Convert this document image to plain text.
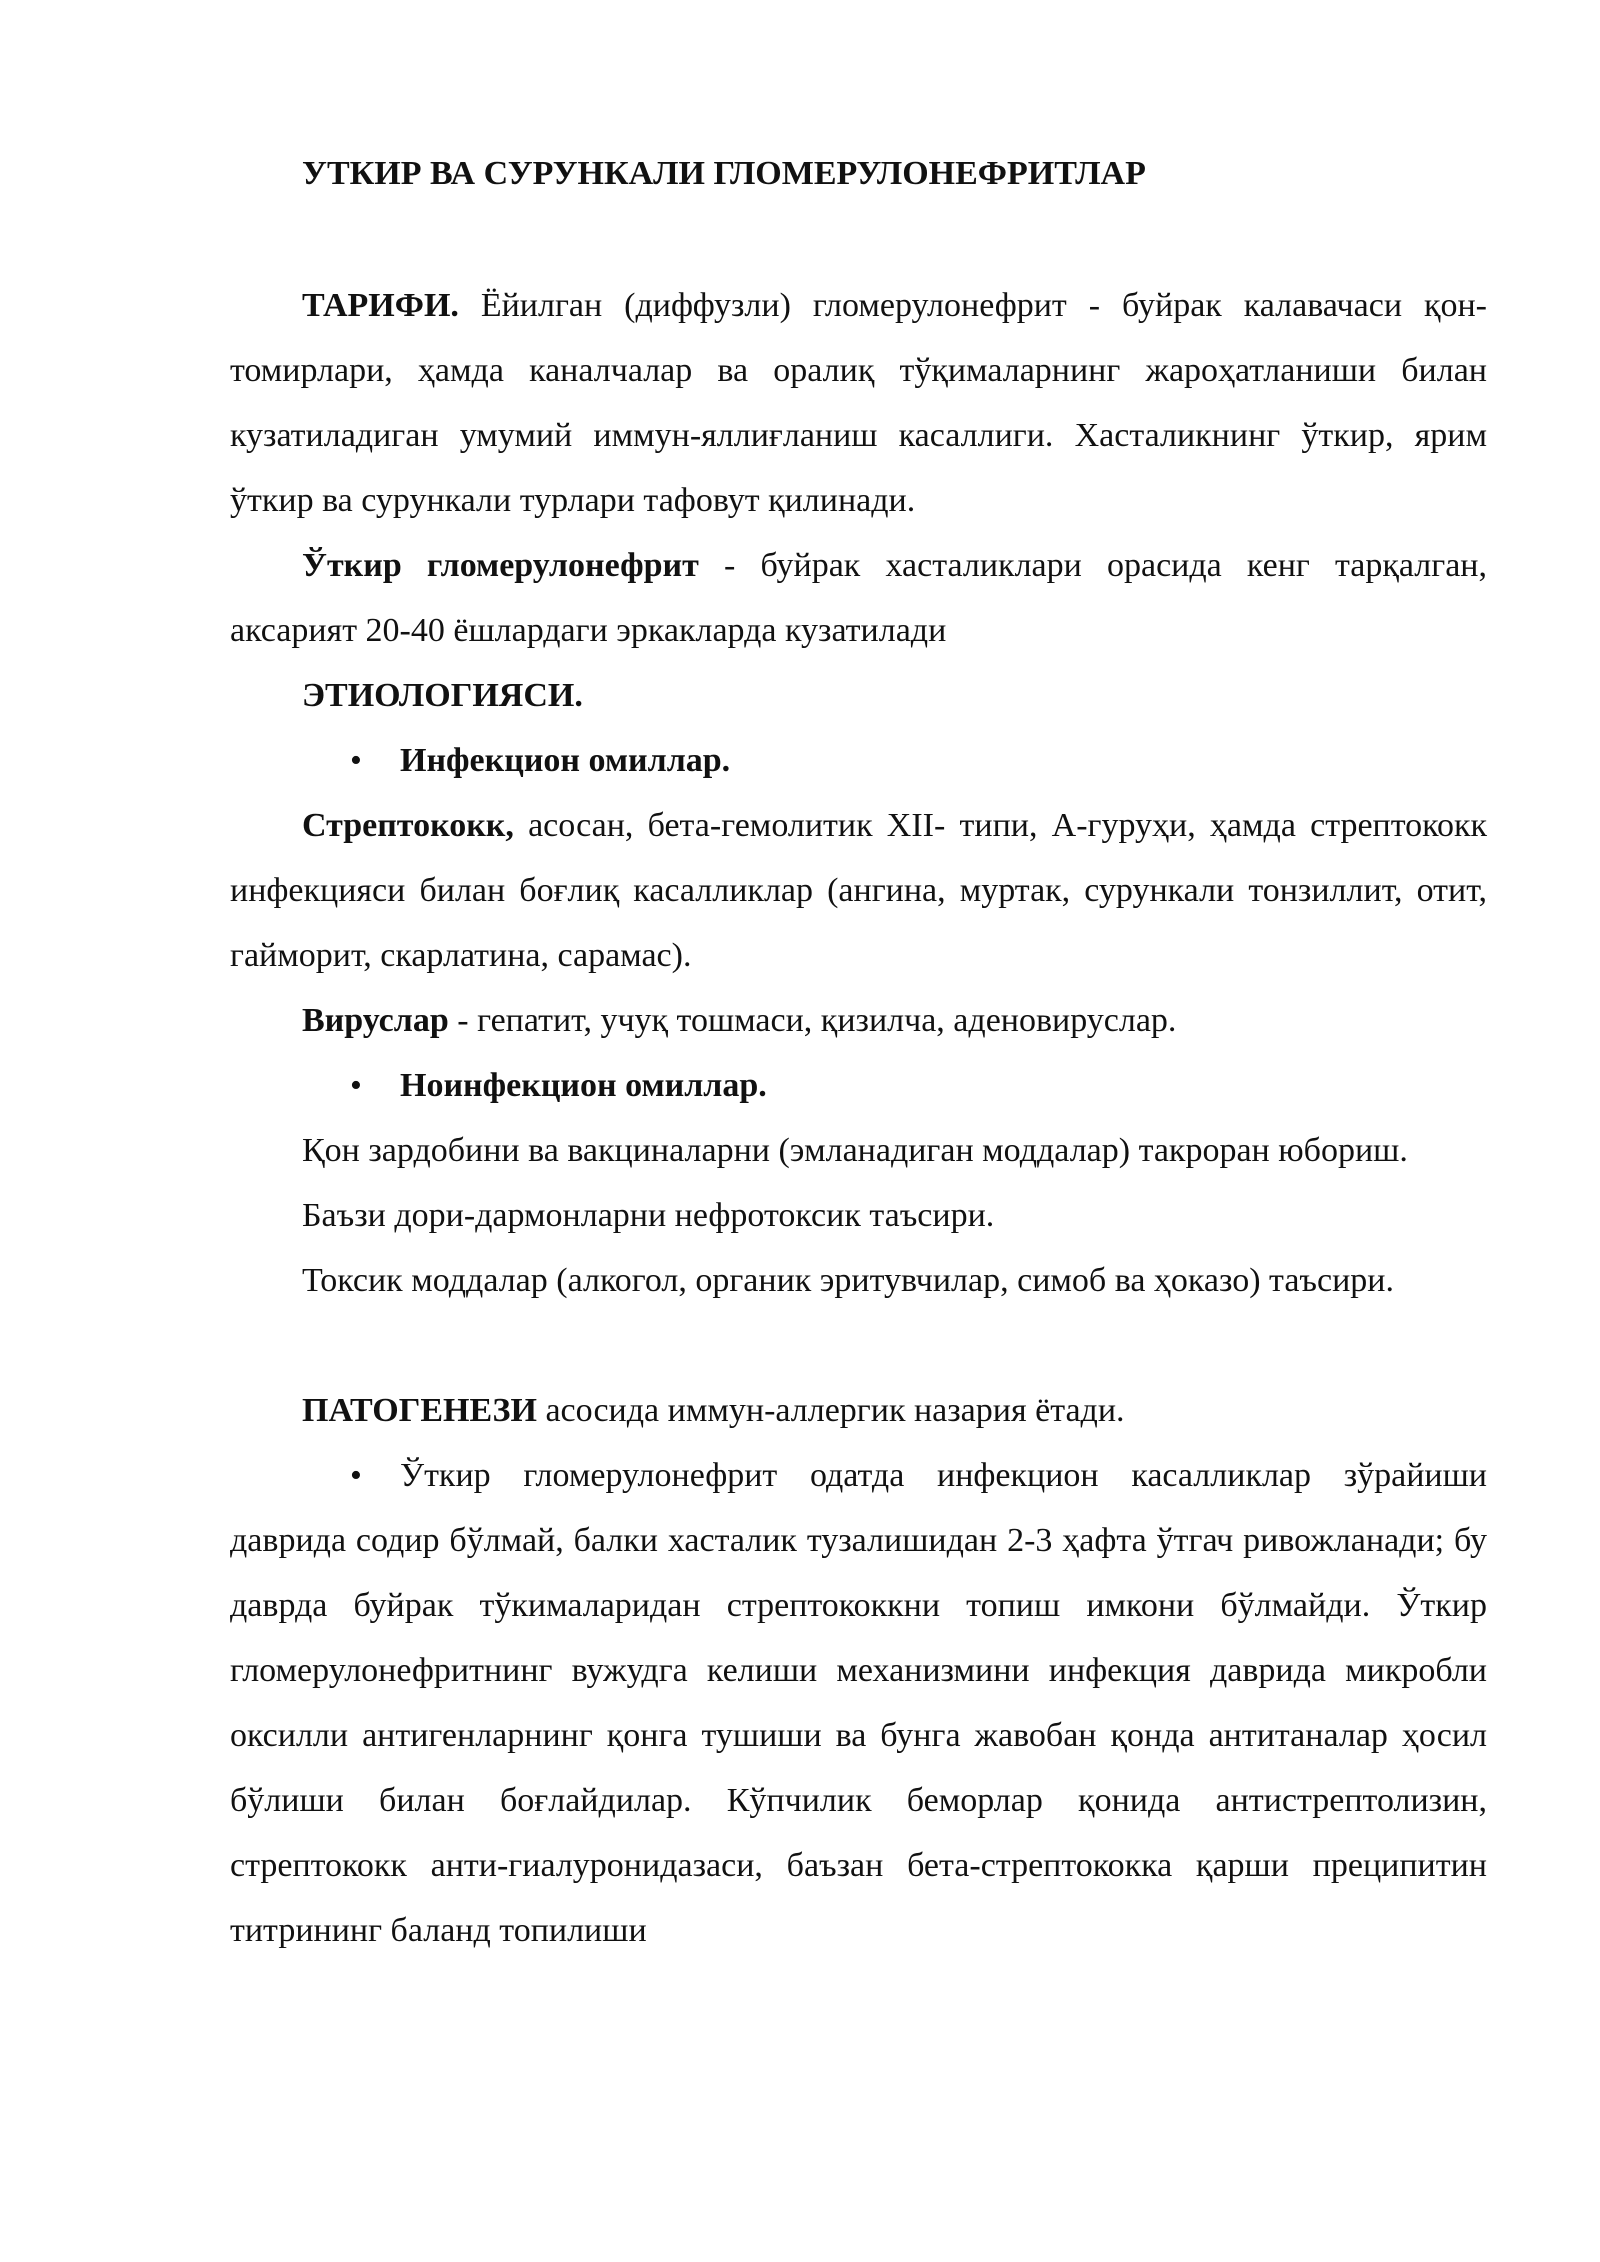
УТКИР ВА СУРУНКАЛИ ГЛОМЕРУЛОНЕФРИТЛАР

ТАРИФИ. Ёйилган (диффузли) гломерулонефрит - буйрак калавачаси қон-томирлари, ҳамда каналчалар ва оралиқ тўқималарнинг жароҳатланиши билан кузатиладиган умумий иммун-яллиғланиш касаллиги. Хасталикнинг ўткир, ярим ўткир ва сурункали турлари тафовут қилинади.

Ўткир гломерулонефрит - буйрак хасталиклари орасида кенг тарқалган, аксарият 20-40 ёшлардаги эркакларда кузатилади

ЭТИОЛОГИЯСИ.
• Инфекцион омиллар.

Стрептококк, асосан, бета-гемолитик XII- типи, А-гуруҳи, ҳамда стрептококк инфекцияси билан боғлиқ касалликлар (ангина, муртак, сурункали тонзиллит, отит, гайморит, скарлатина, сарамас).

Вируслар - гепатит, учуқ тошмаси, қизилча, аденовируслар.

• Ноинфекцион омиллар.

Қон зардобини ва вакциналарни (эмланадиган моддалар) такроран юбориш.

Баъзи дори-дармонларни нефротоксик таъсири.

Токсик моддалар (алкогол, органик эритувчилар, симоб ва ҳоказо) таъсири.

ПАТОГЕНЕЗИ асосида иммун-аллергик назария ётади.

• Ўткир гломерулонефрит одатда инфекцион касалликлар зўрайиши даврида содир бўлмай, балки хасталик тузалишидан 2-3 ҳафта ўтгач ривожланади; бу даврда буйрак тўкималаридан стрептококкни топиш имкони бўлмайди. Ўткир гломерулонефритнинг вужудга келиши механизмини инфекция даврида микробли оксилли антигенларнинг қонга тушиши ва бунга жавобан қонда антитаналар ҳосил бўлиши билан боғлайдилар. Кўпчилик беморлар қонида антистрептолизин, стрептококк анти-гиалуронидазаси, баъзан бета-стрептококка қарши преципитин титрининг баланд топилиши
